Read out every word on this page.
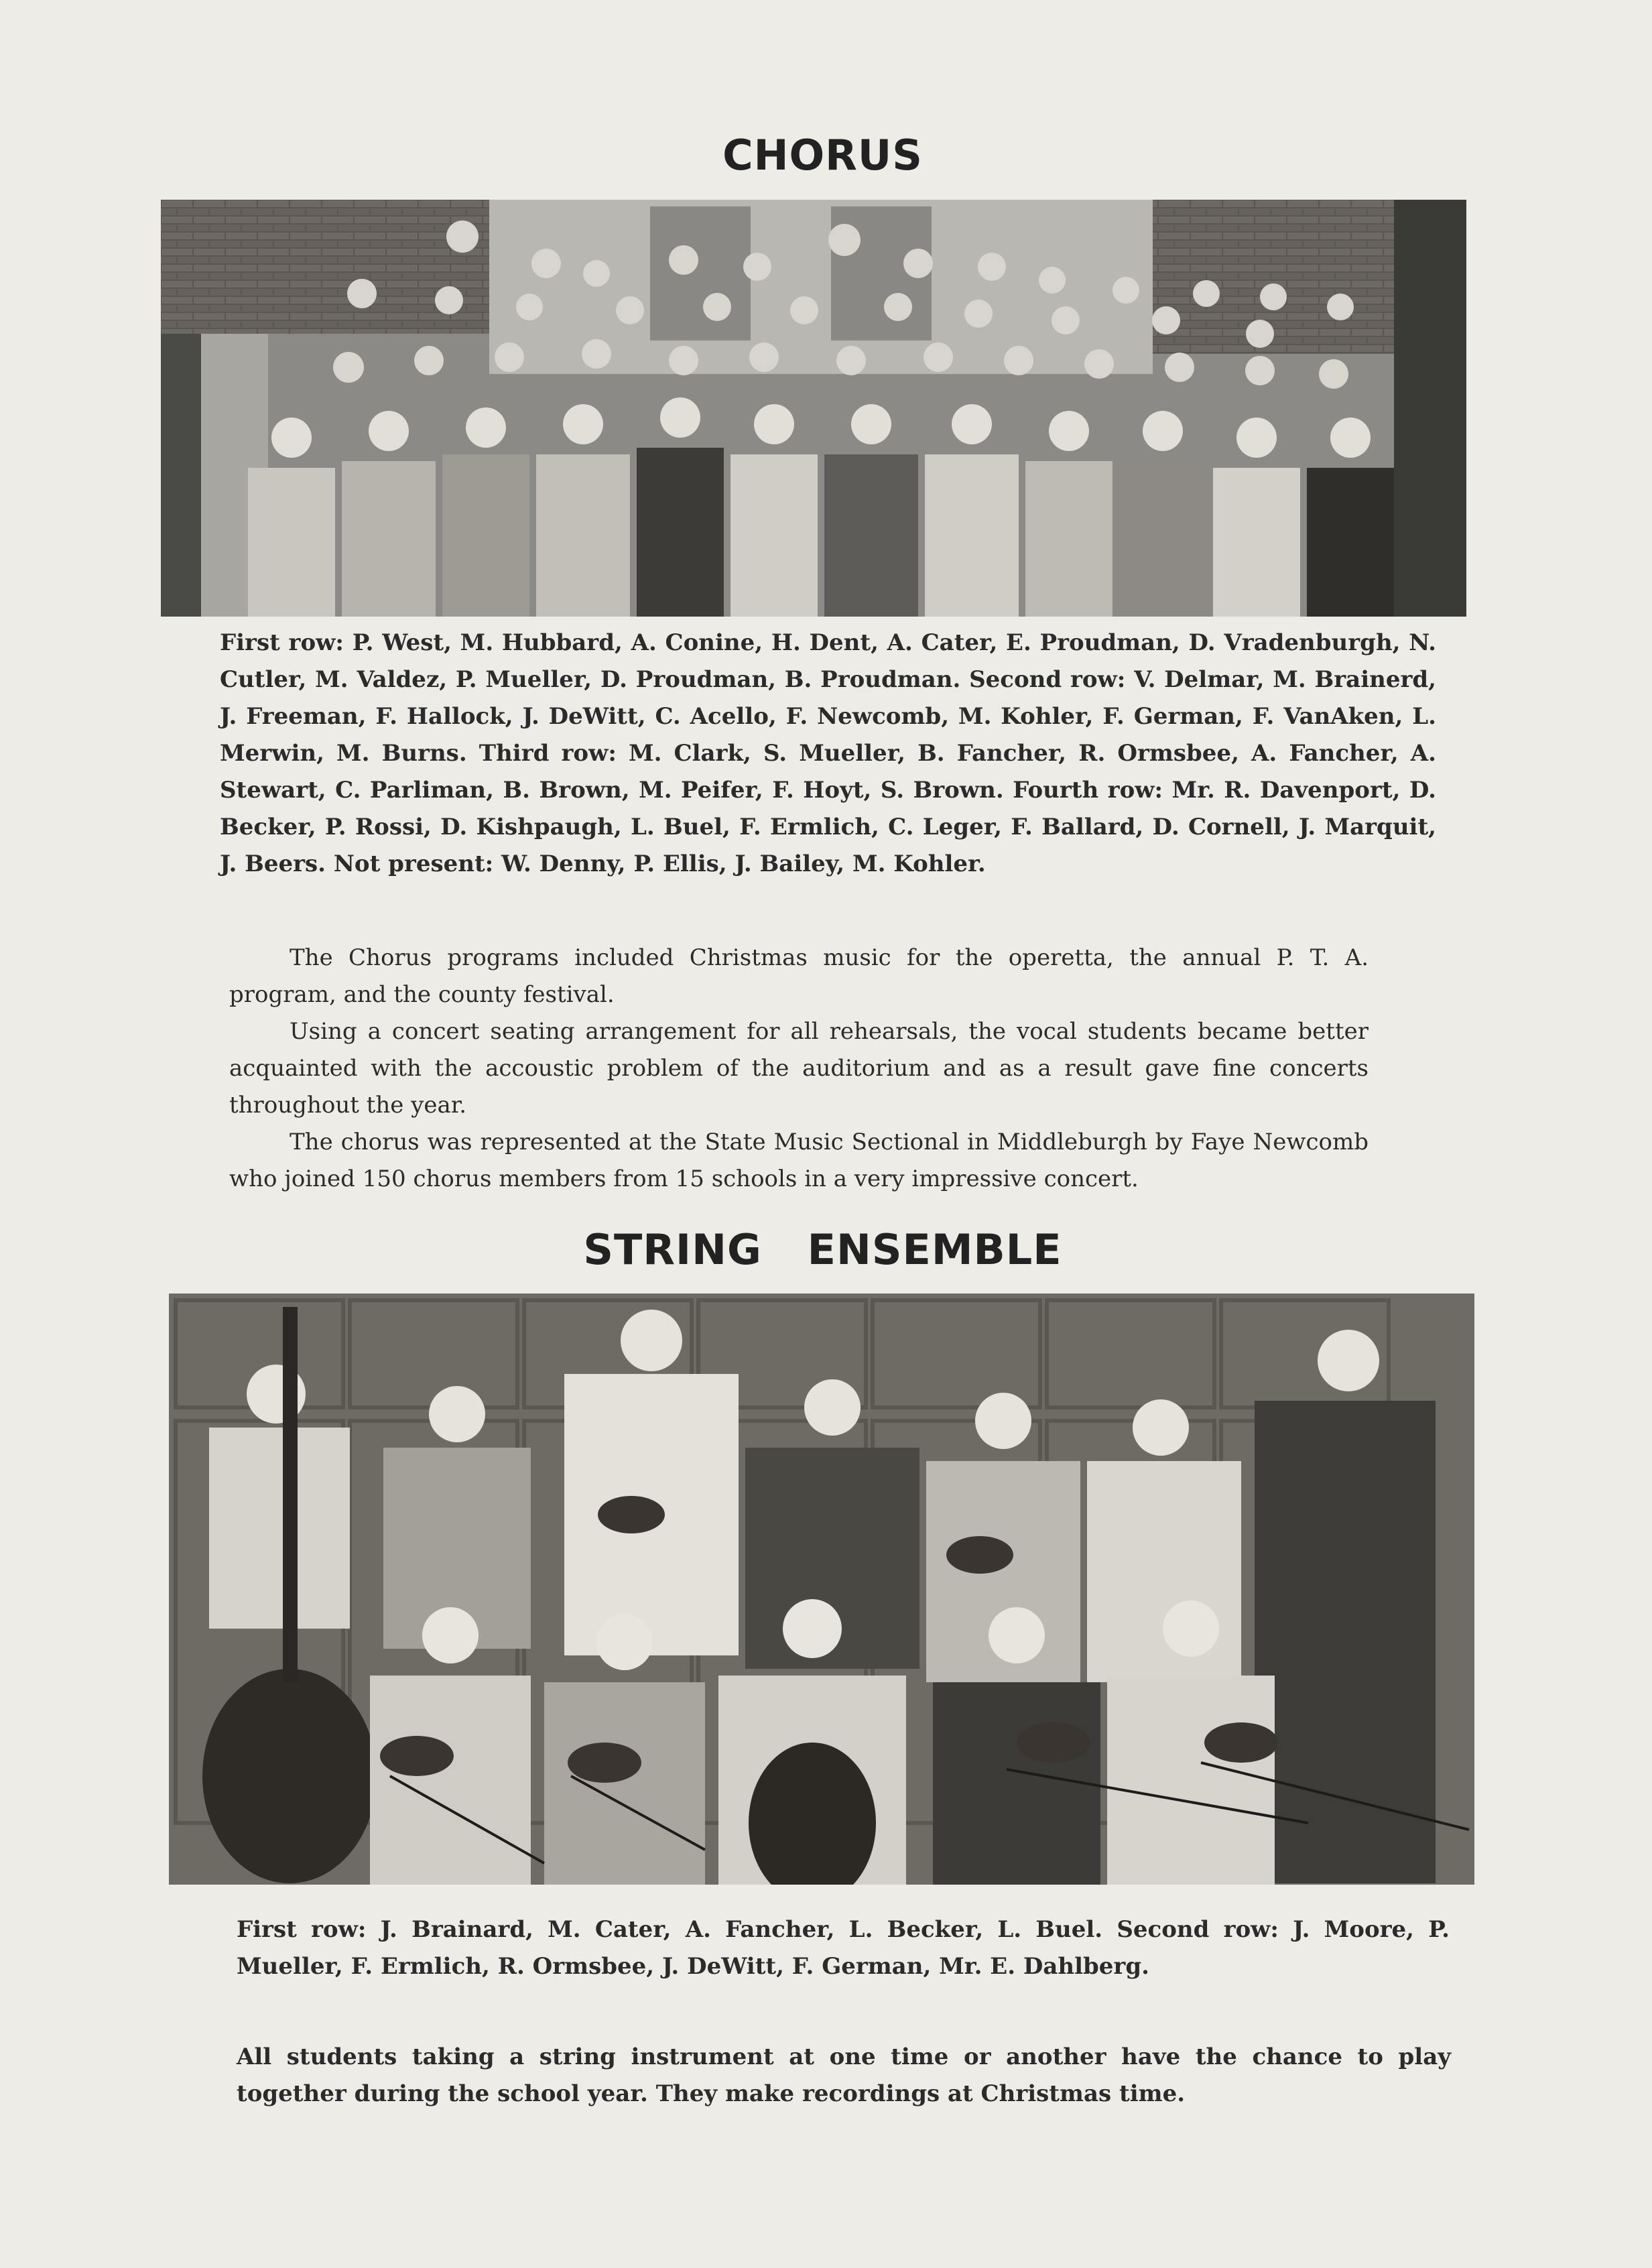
CHORUS
First row: P. West, M. Hubbard, A. Conine, H. Dent, A. Cater, E. Proudman, D. Vradenburgh, N. Cutler, M. Valdez, P. Mueller, D. Proudman, B. Proudman. Second row: V. Delmar, M. Brainerd, J. Freeman, F. Hallock, J. DeWitt, C. Acello, F. Newcomb, M. Kohler, F. German, F. VanAken, L. Merwin, M. Burns. Third row: M. Clark, S. Mueller, B. Fancher, R. Ormsbee, A. Fancher, A. Stewart, C. Parliman, B. Brown, M. Peifer, F. Hoyt, S. Brown. Fourth row: Mr. R. Davenport, D. Becker, P. Rossi, D. Kishpaugh, L. Buel, F. Ermlich, C. Leger, F. Ballard, D. Cornell, J. Marquit, J. Beers. Not present: W. Denny, P. Ellis, J. Bailey, M. Kohler.

The Chorus programs included Christmas music for the operetta, the annual P. T. A. program, and the county festival.

Using a concert seating arrangement for all rehearsals, the vocal students became better acquainted with the accoustic problem of the auditorium and as a result gave fine concerts throughout the year.

The chorus was represented at the State Music Sectional in Middleburgh by Faye Newcomb who joined 150 chorus members from 15 schools in a very impressive concert.

STRING   ENSEMBLE
First row: J. Brainard, M. Cater, A. Fancher, L. Becker, L. Buel. Second row: J. Moore, P. Mueller, F. Ermlich, R. Ormsbee, J. DeWitt, F. German, Mr. E. Dahlberg.
All students taking a string instrument at one time or another have the chance to play together during the school year. They make recordings at Christmas time.
